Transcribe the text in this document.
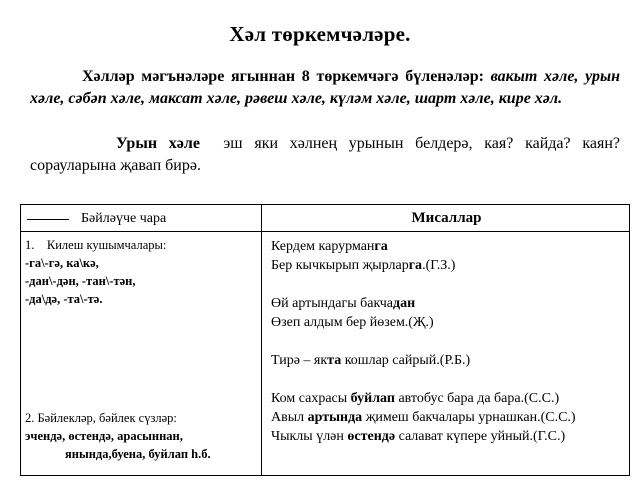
Хәл төркемчәләре.
Хәлләр мәгънәләре ягыннан 8 төркемчәгә бүленәләр: вакыт хәле, урын хәле, сәбәп хәле, максат хәле, рәвеш хәле, күләм хәле, шарт хәле, кире хәл.
Урын хәле эш яки хәлнең урынын белдерә, кая? кайда? каян? сорауларына җавап бирә.
Бәйләүче чара	Мисаллар
1.    Килеш кушымчалары:
-га\-гә, ка\кә,
-дан\-дән, -тан\-тән,
-да\дә, -та\-тә.
2. Бәйлекләр, бәйлек сүзләр:
эчендә, өстендә, арасыннан,
янында,буена, буйлап һ.б.
Кердем карурманга
Бер кычкырып җырларга.(Г.З.)
Өй артындагы бакчадан
Өзеп алдым бер йөзем.(Җ.)
Тирә – якта кошлар сайрый.(Р.Б.)
Ком сахрасы буйлап автобус бара да бара.(С.С.)
Авыл артында җимеш бакчалары урнашкан.(С.С.)
Чыклы үлән өстендә салават күпере уйный.(Г.С.)
